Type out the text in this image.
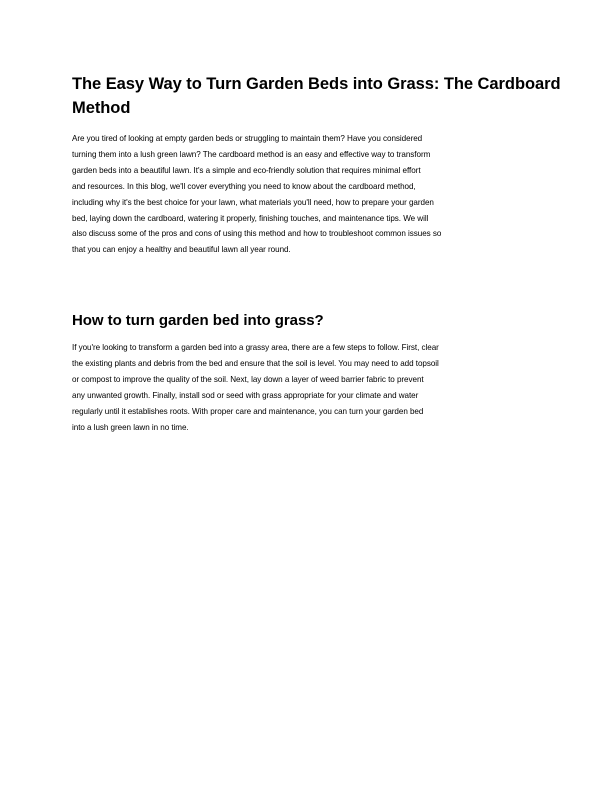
The Easy Way to Turn Garden Beds into Grass: The Cardboard
Method

Are you tired of looking at empty garden beds or struggling to maintain them? Have you considered
turning them into a lush green lawn? The cardboard method is an easy and effective way to transform
garden beds into a beautiful lawn. It's a simple and eco-friendly solution that requires minimal effort
and resources. In this blog, we'll cover everything you need to know about the cardboard method,
including why it's the best choice for your lawn, what materials you'll need, how to prepare your garden
bed, laying down the cardboard, watering it properly, finishing touches, and maintenance tips. We will
also discuss some of the pros and cons of using this method and how to troubleshoot common issues so
that you can enjoy a healthy and beautiful lawn all year round.

How to turn garden bed into grass?

If you're looking to transform a garden bed into a grassy area, there are a few steps to follow. First, clear
the existing plants and debris from the bed and ensure that the soil is level. You may need to add topsoil
or compost to improve the quality of the soil. Next, lay down a layer of weed barrier fabric to prevent
any unwanted growth. Finally, install sod or seed with grass appropriate for your climate and water
regularly until it establishes roots. With proper care and maintenance, you can turn your garden bed
into a lush green lawn in no time.
